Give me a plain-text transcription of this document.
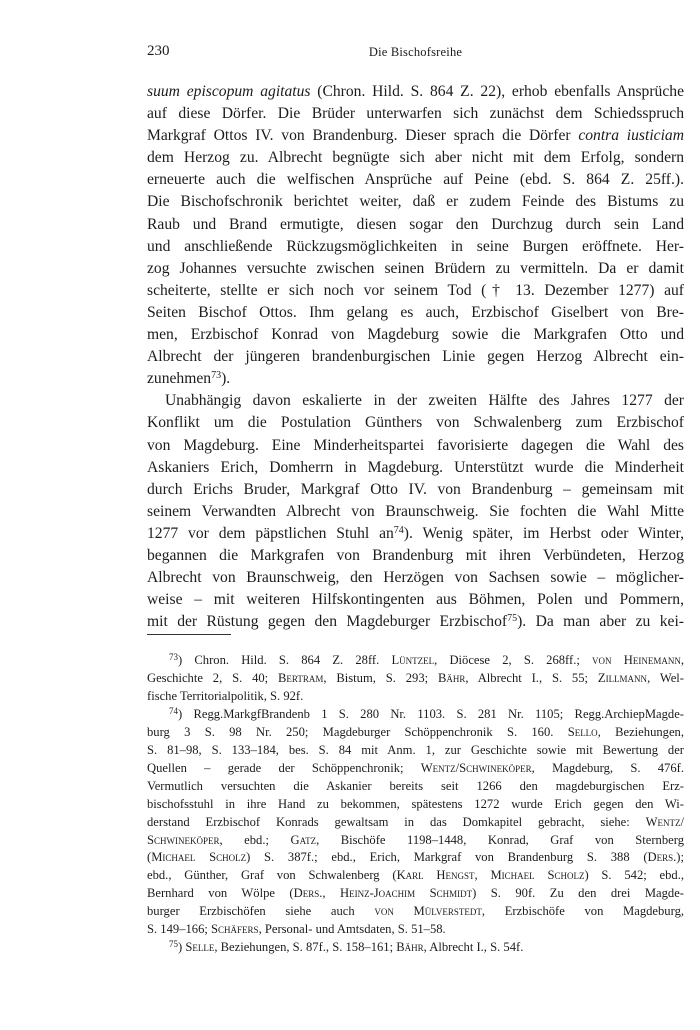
230	Die Bischofsreihe

suum episcopum agitatus (Chron. Hild. S. 864 Z. 22), erhob ebenfalls Ansprüche
auf diese Dörfer. Die Brüder unterwarfen sich zunächst dem Schiedsspruch
Markgraf Ottos IV. von Brandenburg. Dieser sprach die Dörfer contra iusticiam
dem Herzog zu. Albrecht begnügte sich aber nicht mit dem Erfolg, sondern
erneuerte auch die welfischen Ansprüche auf Peine (ebd. S. 864 Z. 25ff.).
Die Bischofschronik berichtet weiter, daß er zudem Feinde des Bistums zu
Raub und Brand ermutigte, diesen sogar den Durchzug durch sein Land
und anschließende Rückzugsmöglichkeiten in seine Burgen eröffnete. Her-
zog Johannes versuchte zwischen seinen Brüdern zu vermitteln. Da er damit
scheiterte, stellte er sich noch vor seinem Tod († 13. Dezember 1277) auf
Seiten Bischof Ottos. Ihm gelang es auch, Erzbischof Giselbert von Bre-
men, Erzbischof Konrad von Magdeburg sowie die Markgrafen Otto und
Albrecht der jüngeren brandenburgischen Linie gegen Herzog Albrecht ein-
zunehmen$^{73}$).

Unabhängig davon eskalierte in der zweiten Hälfte des Jahres 1277 der
Konflikt um die Postulation Günthers von Schwalenberg zum Erzbischof
von Magdeburg. Eine Minderheitspartei favorisierte dagegen die Wahl des
Askaniers Erich, Domherrn in Magdeburg. Unterstützt wurde die Minderheit
durch Erichs Bruder, Markgraf Otto IV. von Brandenburg – gemeinsam mit
seinem Verwandten Albrecht von Braunschweig. Sie fochten die Wahl Mitte
1277 vor dem päpstlichen Stuhl $an^{74}$). Wenig später, im Herbst oder Winter,
begannen die Markgrafen von Brandenburg mit ihren Verbündeten, Herzog
Albrecht von Braunschweig, den Herzögen von Sachsen sowie – möglicher-
weise – mit weiteren Hilfskontingenten aus Böhmen, Polen und Pommern,
mit der Rüstung gegen den Magdeburger Erzbischof$^{75}$). Da man aber zu kei-

$^{73}$) Chron. Hild. S. 864 Z. 28ff. Lüntzel, Diöcese 2, S. 268ff.; von Heinemann,
Geschichte 2, S. 40; Bertram, Bistum, S. 293; Bähr, Albrecht I., S. 55; Zillmann, Wel-
fische Territorialpolitik, S. 92f.
$^{74}$) Regg.MarkgfBrandenb 1 S. 280 Nr. 1103. S. 281 Nr. 1105; Regg.ArchiepMagde-
burg 3 S. 98 Nr. 250; Magdeburger Schöppenchronik S. 160. Sello, Beziehungen,
S. 81–98, S. 133–184, bes. S. 84 mit Anm. 1, zur Geschichte sowie mit Bewertung der
Quellen – gerade der Schöppenchronik; Wentz/Schwineköper, Magdeburg, S. 476f.
Vermutlich versuchten die Askanier bereits seit 1266 den magdeburgischen Erz-
bischofsstuhl in ihre Hand zu bekommen, spätestens 1272 wurde Erich gegen den Wi-
derstand Erzbischof Konrads gewaltsam in das Domkapitel gebracht, siehe: Wentz/
Schwineköper, ebd.; Gatz, Bischöfe 1198–1448, Konrad, Graf von Sternberg
(Michael Scholz) S. 387f.; ebd., Erich, Markgraf von Brandenburg S. 388 (Ders.);
ebd., Günther, Graf von Schwalenberg (Karl Hengst, Michael Scholz) S. 542; ebd.,
Bernhard von Wölpe (Ders., Heinz-Joachim Schmidt) S. 90f. Zu den drei Magde-
burger Erzbischöfen siehe auch von Mülverstedt, Erzbischöfe von Magdeburg,
S. 149–166; Schäfers, Personal- und Amtsdaten, S. 51–58.
$^{75}$) Selle, Beziehungen, S. 87f., S. 158–161; Bähr, Albrecht I., S. 54f.
